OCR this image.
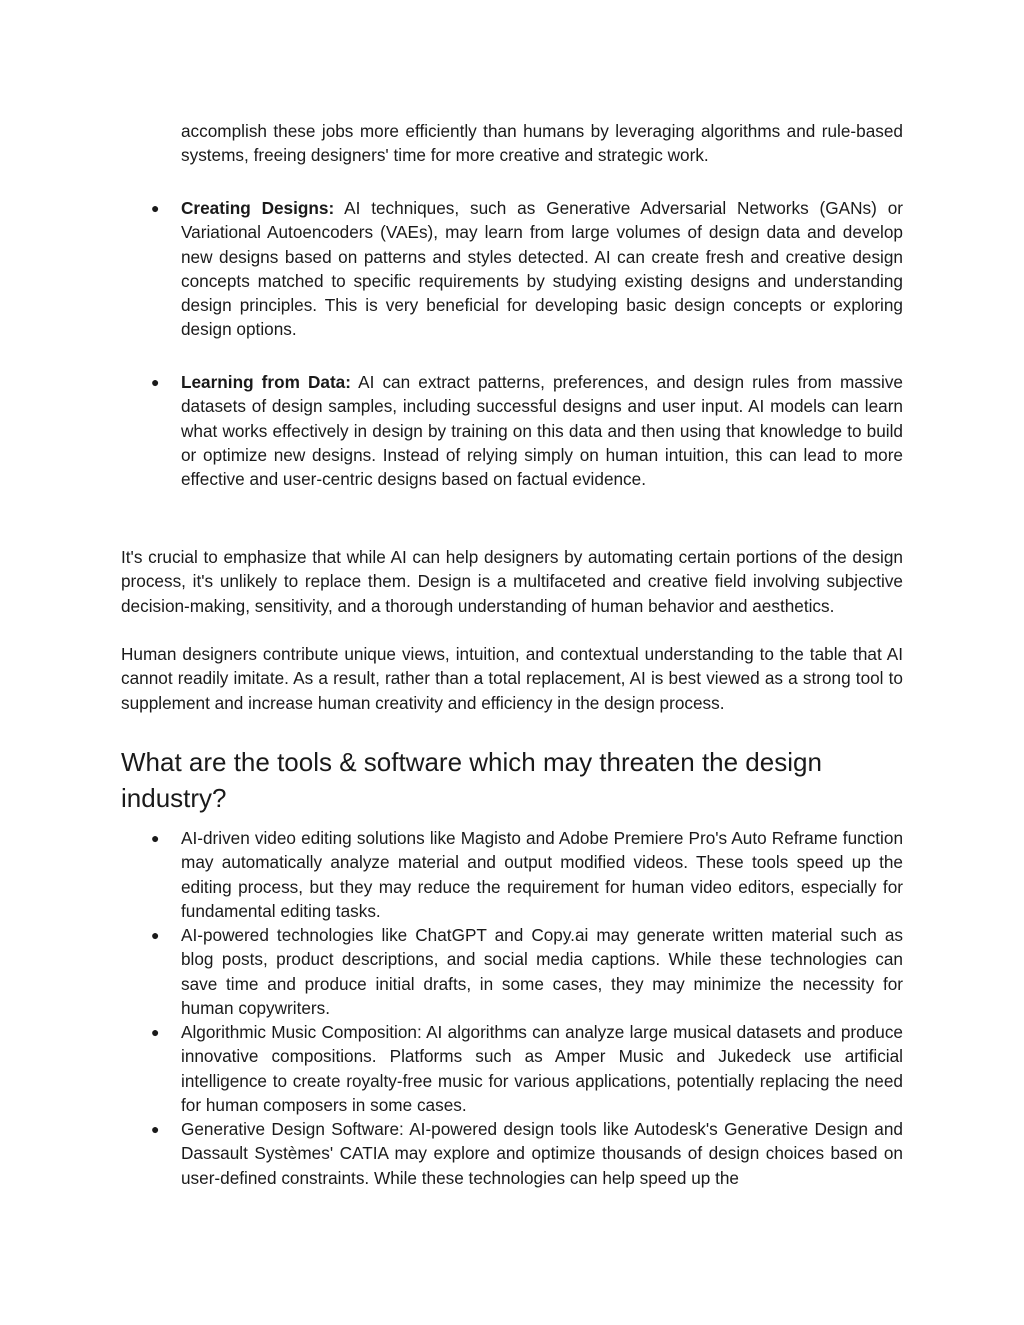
accomplish these jobs more efficiently than humans by leveraging algorithms and rule-based systems, freeing designers' time for more creative and strategic work.

●	Creating Designs: AI techniques, such as Generative Adversarial Networks (GANs) or Variational Autoencoders (VAEs), may learn from large volumes of design data and develop new designs based on patterns and styles detected. AI can create fresh and creative design concepts matched to specific requirements by studying existing designs and understanding design principles. This is very beneficial for developing basic design concepts or exploring design options.
●	Learning from Data: AI can extract patterns, preferences, and design rules from massive datasets of design samples, including successful designs and user input. AI models can learn what works effectively in design by training on this data and then using that knowledge to build or optimize new designs. Instead of relying simply on human intuition, this can lead to more effective and user-centric designs based on factual evidence.

It's crucial to emphasize that while AI can help designers by automating certain portions of the design process, it's unlikely to replace them. Design is a multifaceted and creative field involving subjective decision-making, sensitivity, and a thorough understanding of human behavior and aesthetics.

Human designers contribute unique views, intuition, and contextual understanding to the table that AI cannot readily imitate. As a result, rather than a total replacement, AI is best viewed as a strong tool to supplement and increase human creativity and efficiency in the design process.

What are the tools & software which may threaten the design industry?
●	AI-driven video editing solutions like Magisto and Adobe Premiere Pro's Auto Reframe function may automatically analyze material and output modified videos. These tools speed up the editing process, but they may reduce the requirement for human video editors, especially for fundamental editing tasks.
●	AI-powered technologies like ChatGPT and Copy.ai may generate written material such as blog posts, product descriptions, and social media captions. While these technologies can save time and produce initial drafts, in some cases, they may minimize the necessity for human copywriters.
●	Algorithmic Music Composition: AI algorithms can analyze large musical datasets and produce innovative compositions. Platforms such as Amper Music and Jukedeck use artificial intelligence to create royalty-free music for various applications, potentially replacing the need for human composers in some cases.
●	Generative Design Software: AI-powered design tools like Autodesk's Generative Design and Dassault Systèmes' CATIA may explore and optimize thousands of design choices based on user-defined constraints. While these technologies can help speed up the
